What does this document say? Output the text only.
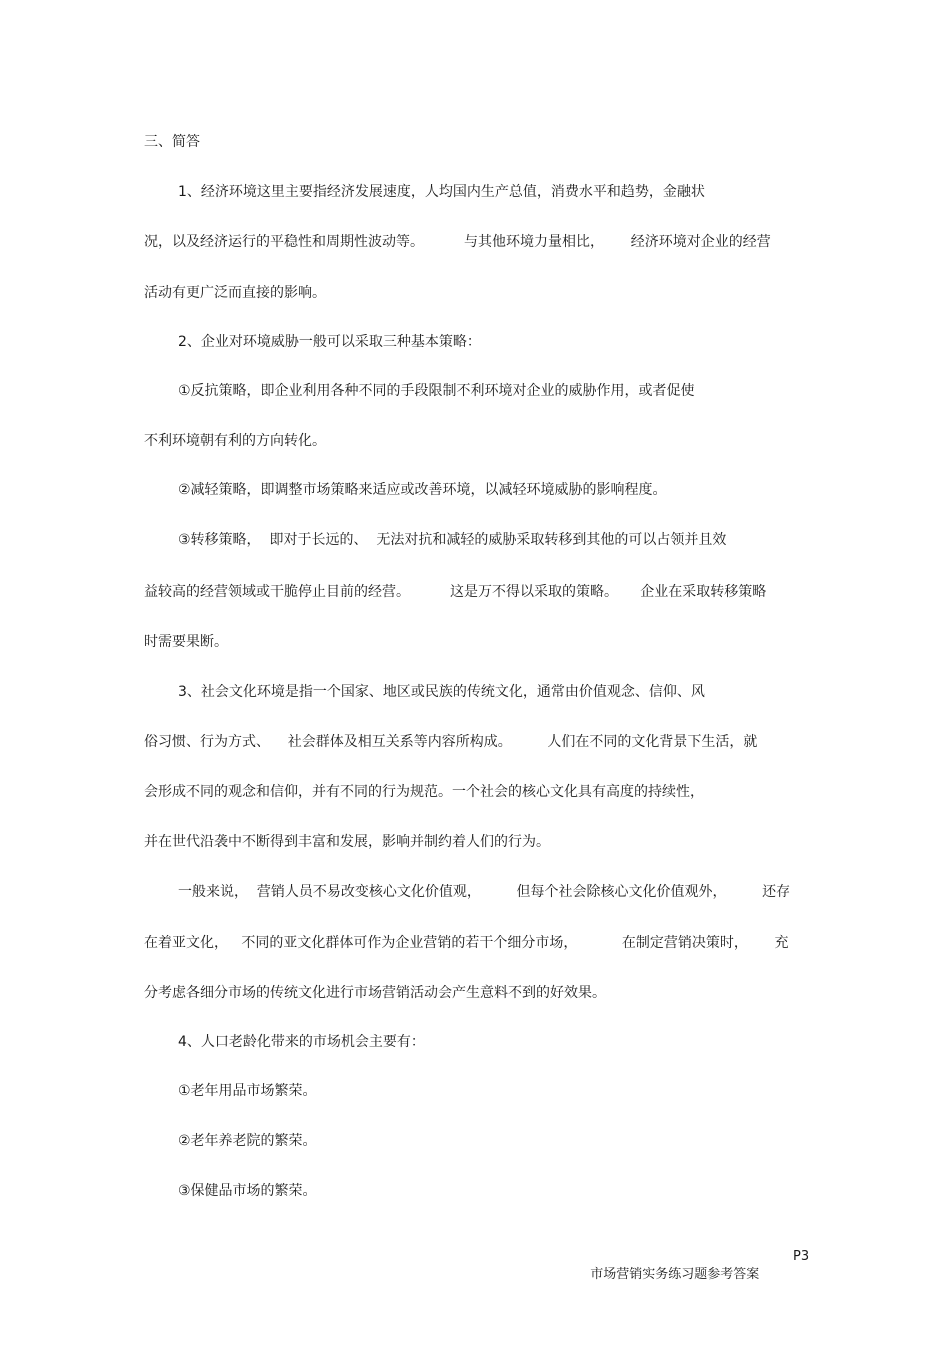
三、简答
1、经济环境这里主要指经济发展速度，人均国内生产总值，消费水平和趋势，金融状
况，以及经济运行的平稳性和周期性波动等。         与其他环境力量相比，      经济环境对企业的经营
活动有更广泛而直接的影响。
2、企业对环境威胁一般可以采取三种基本策略：
①反抗策略，即企业利用各种不同的手段限制不利环境对企业的威胁作用，或者促使
不利环境朝有利的方向转化。
②减轻策略，即调整市场策略来适应或改善环境，以减轻环境威胁的影响程度。
③转移策略，  即对于长远的、  无法对抗和减轻的威胁采取转移到其他的可以占领并且效
益较高的经营领域或干脆停止目前的经营。         这是万不得以采取的策略。     企业在采取转移策略
时需要果断。
3、社会文化环境是指一个国家、地区或民族的传统文化，通常由价值观念、信仰、风
俗习惯、行为方式、    社会群体及相互关系等内容所构成。        人们在不同的文化背景下生活，就
会形成不同的观念和信仰，并有不同的行为规范。一个社会的核心文化具有高度的持续性，
并在世代沿袭中不断得到丰富和发展，影响并制约着人们的行为。
一般来说，  营销人员不易改变核心文化价值观，        但每个社会除核心文化价值观外，        还存
在着亚文化，   不同的亚文化群体可作为企业营销的若干个细分市场，          在制定营销决策时，      充
分考虑各细分市场的传统文化进行市场营销活动会产生意料不到的好效果。
4、人口老龄化带来的市场机会主要有：
①老年用品市场繁荣。
②老年养老院的繁荣。
③保健品市场的繁荣。

市场营销实务练习题参考答案

P3
